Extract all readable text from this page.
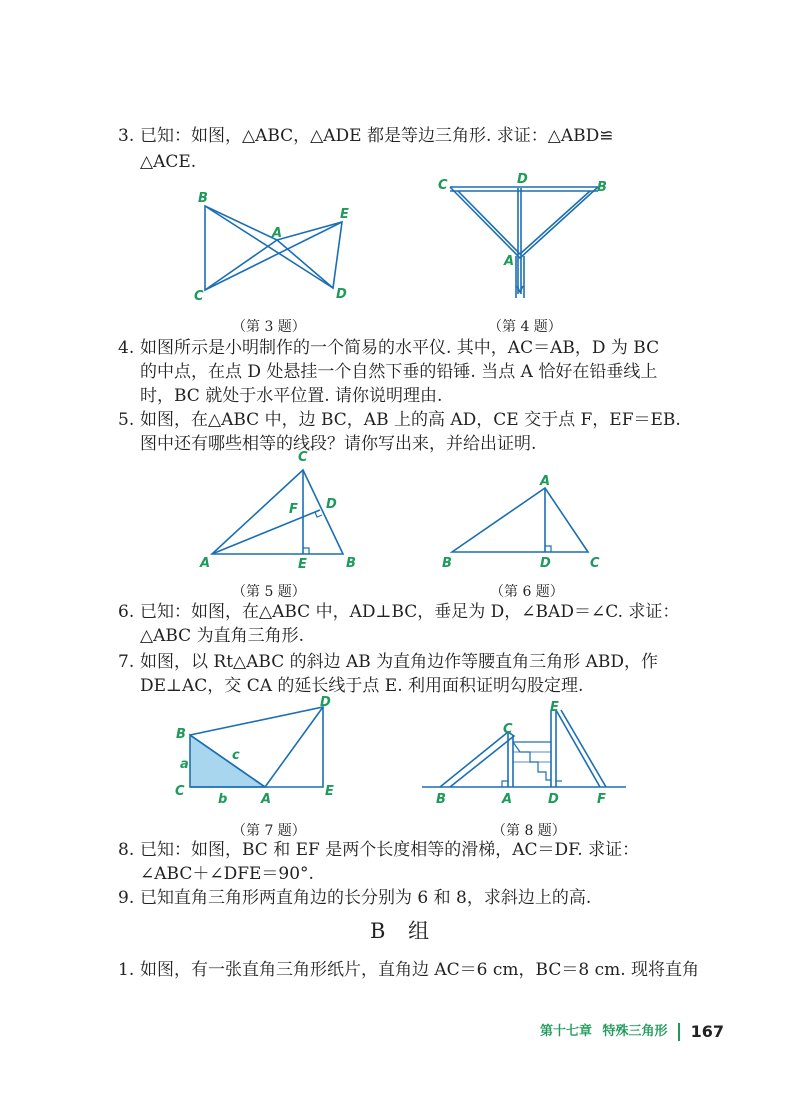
3. 已知：如图，△ABC，△ADE 都是等边三角形. 求证：△ABD≌
△ACE.
B
E
A
C	D
（第 3 题）
C	D
B
A
（第 4 题）
4. 如图所示是小明制作的一个简易的水平仪. 其中，AC＝AB，D 为 BC
的中点，在点 D 处悬挂一个自然下垂的铅锤. 当点 A 恰好在铅垂线上
时，BC 就处于水平位置. 请你说明理由.
5. 如图，在△ABC 中，边 BC，AB 上的高 AD，CE 交于点 F，EF＝EB.
图中还有哪些相等的线段？请你写出来，并给出证明.
C
D
F
A	E	B
（第 5 题）
A
B	D	C
（第 6 题）
6. 已知：如图，在△ABC 中，AD⊥BC，垂足为 D，∠BAD＝∠C. 求证：
△ABC 为直角三角形.
7. 如图，以 Rt△ABC 的斜边 AB 为直角边作等腰直角三角形 ABD，作
DE⊥AC，交 CA 的延长线于点 E. 利用面积证明勾股定理.
B
D
c
a
C
b	A
E
（第 7 题）
C
E
B	A	D	F
（第 8 题）
8. 已知：如图，BC 和 EF 是两个长度相等的滑梯，AC＝DF. 求证：
∠ABC＋∠DFE＝90°.
9. 已知直角三角形两直角边的长分别为 6 和 8，求斜边上的高.
B 组
1. 如图，有一张直角三角形纸片，直角边 AC＝6 cm，BC＝8 cm. 现将直角
第十七章 特殊三角形 167
